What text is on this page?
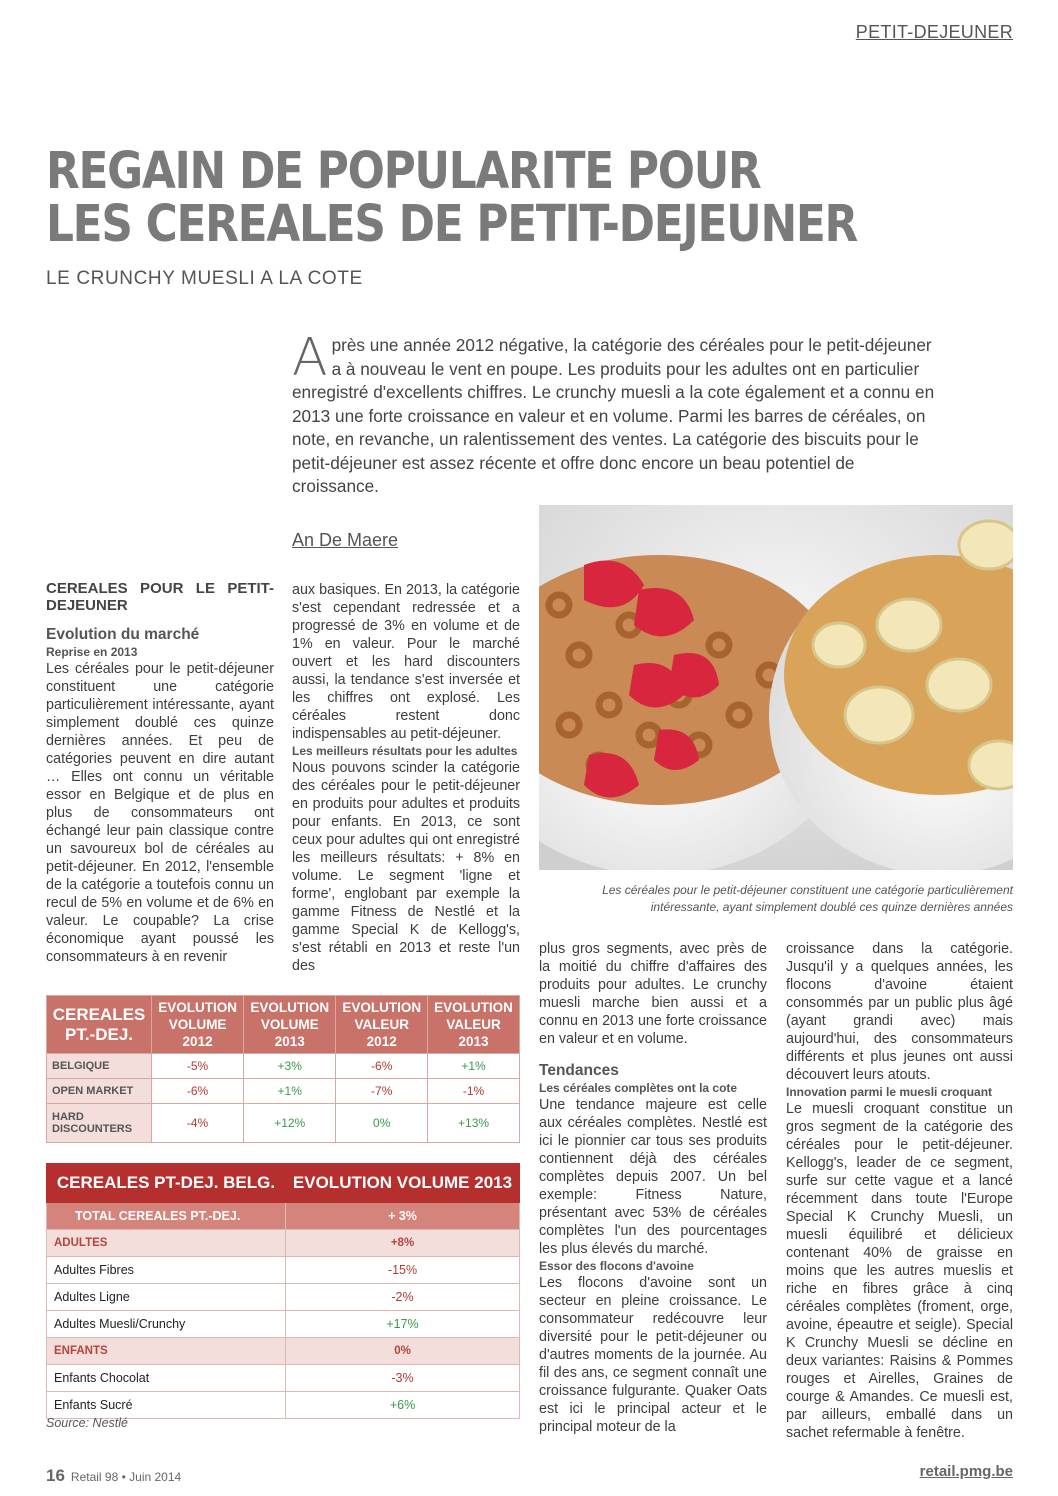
PETIT-DEJEUNER
REGAIN DE POPULARITE POUR
LES CEREALES DE PETIT-DEJEUNER
LE CRUNCHY MUESLI A LA COTE
Après une année 2012 négative, la catégorie des céréales pour le petit-déjeuner a à nouveau le vent en poupe. Les produits pour les adultes ont en particulier enregistré d'excellents chiffres. Le crunchy muesli a la cote également et a connu en 2013 une forte croissance en valeur et en volume. Parmi les barres de céréales, on note, en revanche, un ralentissement des ventes. La catégorie des biscuits pour le petit-déjeuner est assez récente et offre donc encore un beau potentiel de croissance.
An De Maere
CEREALES POUR LE PETIT-DEJEUNER
Evolution du marché
Reprise en 2013

Les céréales pour le petit-déjeuner constituent une catégorie particulièrement intéressante, ayant simplement doublé ces quinze dernières années. Et peu de catégories peuvent en dire autant … Elles ont connu un véritable essor en Belgique et de plus en plus de consommateurs ont échangé leur pain classique contre un savoureux bol de céréales au petit-déjeuner. En 2012, l'ensemble de la catégorie a toutefois connu un recul de 5% en volume et de 6% en valeur. Le coupable? La crise économique ayant poussé les consommateurs à en revenir

aux basiques. En 2013, la catégorie s'est cependant redressée et a progressé de 3% en volume et de 1% en valeur. Pour le marché ouvert et les hard discounters aussi, la tendance s'est inversée et les chiffres ont explosé. Les céréales restent donc indispensables au petit-déjeuner.

Les meilleurs résultats pour les adultes

Nous pouvons scinder la catégorie des céréales pour le petit-déjeuner en produits pour adultes et produits pour enfants. En 2013, ce sont ceux pour adultes qui ont enregistré les meilleurs résultats: + 8% en volume. Le segment 'ligne et forme', englobant par exemple la gamme Fitness de Nestlé et la gamme Special K de Kellogg's, s'est rétabli en 2013 et reste l'un des

Les céréales pour le petit-déjeuner constituent une catégorie particulièrement intéressante, ayant simplement doublé ces quinze dernières années

plus gros segments, avec près de la moitié du chiffre d'affaires des produits pour adultes. Le crunchy muesli marche bien aussi et a connu en 2013 une forte croissance en valeur et en volume.

Tendances
Les céréales complètes ont la cote

Une tendance majeure est celle aux céréales complètes. Nestlé est ici le pionnier car tous ses produits contiennent déjà des céréales complètes depuis 2007. Un bel exemple: Fitness Nature, présentant avec 53% de céréales complètes l'un des pourcentages les plus élevés du marché.

Essor des flocons d'avoine

Les flocons d'avoine sont un secteur en pleine croissance. Le consommateur redécouvre leur diversité pour le petit-déjeuner ou d'autres moments de la journée. Au fil des ans, ce segment connaît une croissance fulgurante. Quaker Oats est ici le principal acteur et le principal moteur de la

croissance dans la catégorie. Jusqu'il y a quelques années, les flocons d'avoine étaient consommés par un public plus âgé (ayant grandi avec) mais aujourd'hui, des consommateurs différents et plus jeunes ont aussi découvert leurs atouts.

Innovation parmi le muesli croquant

Le muesli croquant constitue un gros segment de la catégorie des céréales pour le petit-déjeuner. Kellogg's, leader de ce segment, surfe sur cette vague et a lancé récemment dans toute l'Europe Special K Crunchy Muesli, un muesli équilibré et délicieux contenant 40% de graisse en moins que les autres mueslis et riche en fibres grâce à cinq céréales complètes (froment, orge, avoine, épeautre et seigle). Special K Crunchy Muesli se décline en deux variantes: Raisins & Pommes rouges et Airelles, Graines de courge & Amandes. Ce muesli est, par ailleurs, emballé dans un sachet refermable à fenêtre.

CEREALES PT.-DEJ.	EVOLUTION VOLUME 2012	EVOLUTION VOLUME 2013	EVOLUTION VALEUR 2012	EVOLUTION VALEUR 2013
BELGIQUE	-5%	+3%	-6%	+1%
OPEN MARKET	-6%	+1%	-7%	-1%
HARD DISCOUNTERS	-4%	+12%	0%	+13%
CEREALES PT-DEJ. BELG.	EVOLUTION VOLUME 2013
TOTAL CEREALES PT.-DEJ.	+ 3%
ADULTES	+8%
Adultes Fibres	-15%
Adultes Ligne	-2%
Adultes Muesli/Crunchy	+17%
ENFANTS	0%
Enfants Chocolat	-3%
Enfants Sucré	+6%
Source: Nestlé
16 Retail 98 • Juin 2014	retail.pmg.be
